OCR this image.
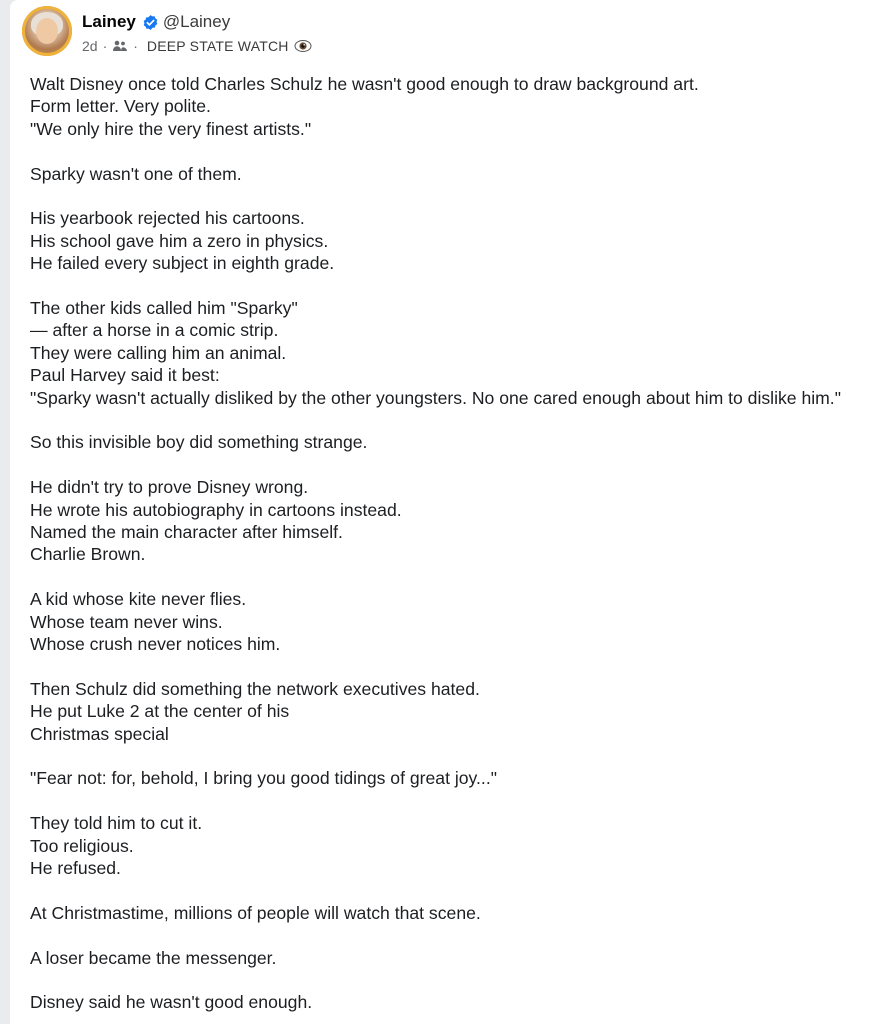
Lainey @Lainey
2d · · DEEP STATE WATCH

Walt Disney once told Charles Schulz he wasn't good enough to draw background art.
Form letter. Very polite.
"We only hire the very finest artists."

Sparky wasn't one of them.

His yearbook rejected his cartoons.
His school gave him a zero in physics.
He failed every subject in eighth grade.

The other kids called him "Sparky"
— after a horse in a comic strip.
They were calling him an animal.
Paul Harvey said it best:
"Sparky wasn't actually disliked by the other youngsters. No one cared enough about him to dislike him."

So this invisible boy did something strange.

He didn't try to prove Disney wrong.
He wrote his autobiography in cartoons instead.
Named the main character after himself.
Charlie Brown.

A kid whose kite never flies.
Whose team never wins.
Whose crush never notices him.

Then Schulz did something the network executives hated.
He put Luke 2 at the center of his
Christmas special

"Fear not: for, behold, I bring you good tidings of great joy..."

They told him to cut it.
Too religious.
He refused.

At Christmastime, millions of people will watch that scene.

A loser became the messenger.

Disney said he wasn't good enough.
